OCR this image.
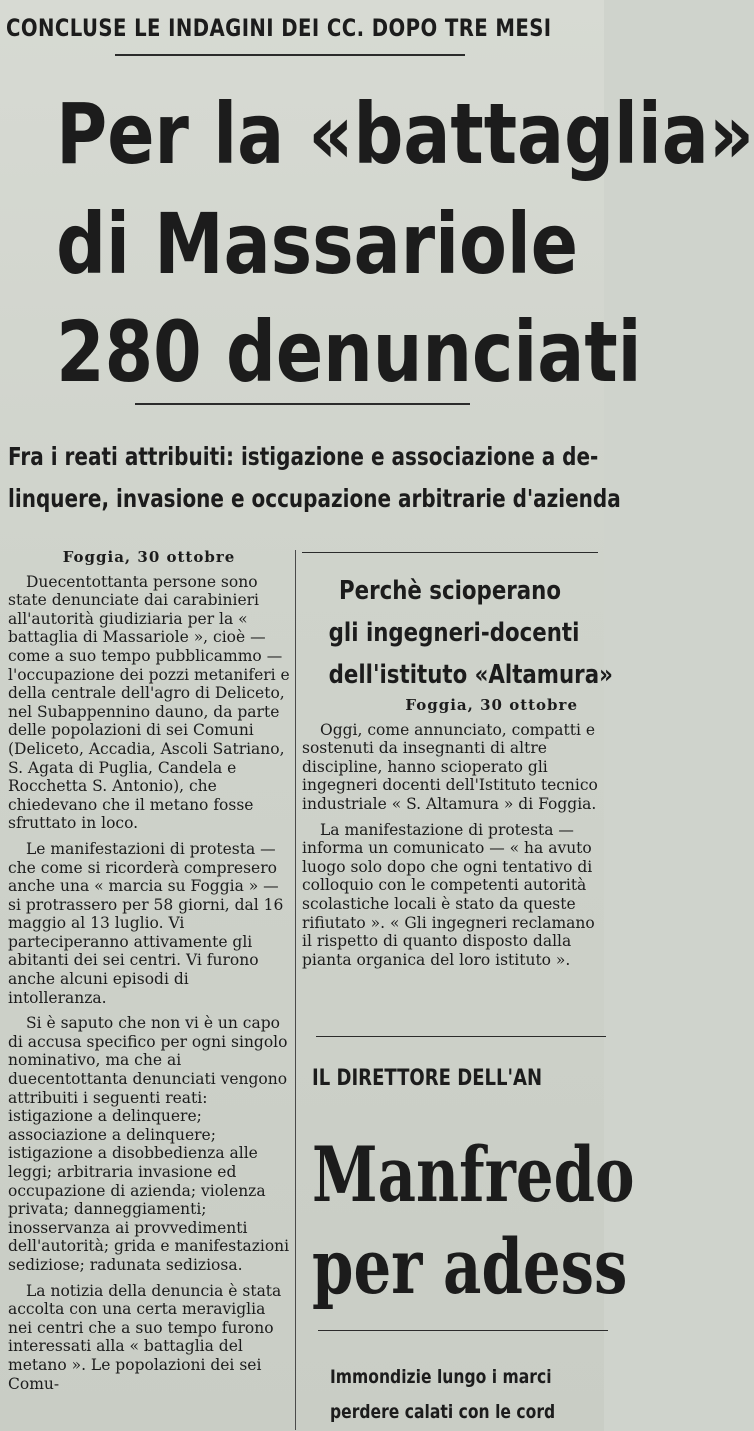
CONCLUSE LE INDAGINI DEI CC. DOPO TRE MESI
Per la «battaglia»
di Massariole
280 denunciati
Fra i reati attribuiti: istigazione e associazione a de-
linquere, invasione e occupazione arbitrarie d'azienda
Foggia, 30 ottobre

Duecentottanta persone sono state denunciate dai carabinieri all'autorità giudiziaria per la « battaglia di Massariole », cioè — come a suo tempo pubblicammo — l'occupazione dei pozzi metaniferi e della centrale dell'agro di Deliceto, nel Subappennino dauno, da parte delle popolazioni di sei Comuni (Deliceto, Accadia, Ascoli Satriano, S. Agata di Puglia, Candela e Rocchetta S. Antonio), che chiedevano che il metano fosse sfruttato in loco.

Le manifestazioni di protesta — che come si ricorderà compresero anche una « marcia su Foggia » — si protrassero per 58 giorni, dal 16 maggio al 13 luglio. Vi parteciperanno attivamente gli abitanti dei sei centri. Vi furono anche alcuni episodi di intolleranza.

Si è saputo che non vi è un capo di accusa specifico per ogni singolo nominativo, ma che ai duecentottanta denunciati vengono attribuiti i seguenti reati: istigazione a delinquere; associazione a delinquere; istigazione a disobbedienza alle leggi; arbitraria invasione ed occupazione di azienda; violenza privata; danneggiamenti; inosservanza ai provvedimenti dell'autorità; grida e manifestazioni sediziose; radunata sediziosa.

La notizia della denuncia è stata accolta con una certa meraviglia nei centri che a suo tempo furono interessati alla « battaglia del metano ». Le popolazioni dei sei Comu-

Perchè scioperano
gli ingegneri-docenti
dell'istituto «Altamura»
Foggia, 30 ottobre

Oggi, come annunciato, compatti e sostenuti da insegnanti di altre discipline, hanno scioperato gli ingegneri docenti dell'Istituto tecnico industriale « S. Altamura » di Foggia.

La manifestazione di protesta — informa un comunicato — « ha avuto luogo solo dopo che ogni tentativo di colloquio con le competenti autorità scolastiche locali è stato da queste rifiutato ». « Gli ingegneri reclamano il rispetto di quanto disposto dalla pianta organica del loro istituto ».

IL DIRETTORE DELL'AN
Manfredo
per adess
Immondizie lungo i marci
perdere calati con le cord
